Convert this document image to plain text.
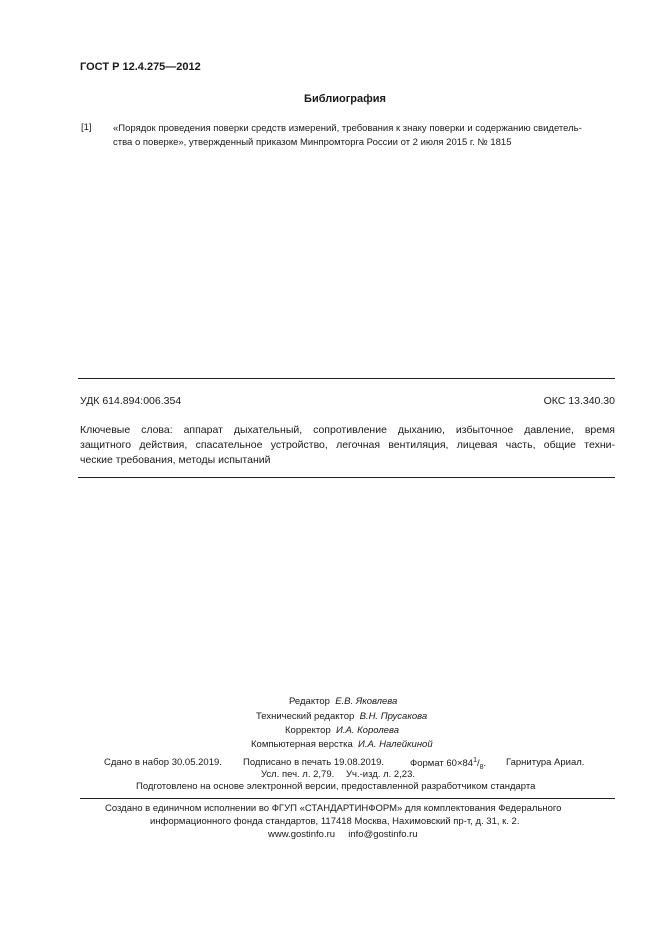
ГОСТ Р 12.4.275—2012
Библиография
[1] «Порядок проведения поверки средств измерений, требования к знаку поверки и содержанию свидетель-
ства о поверке», утвержденный приказом Минпромторга России от 2 июля 2015 г. № 1815
УДК 614.894:006.354	ОКС 13.340.30
Ключевые слова: аппарат дыхательный, сопротивление дыханию, избыточное давление, время
защитного действия, спасательное устройство, легочная вентиляция, лицевая часть, общие техни-
ческие требования, методы испытаний
Редактор Е.В. Яковлева
Технический редактор В.Н. Прусакова
Корректор И.А. Королева
Компьютерная верстка И.А. Налейкиной
Сдано в набор 30.05.2019. Подписано в печать 19.08.2019.	Формат $60\times 84^1/_8$. Гарнитура Ариал.
Усл. печ. л. 2,79. Уч.-изд. л. 2,23.
Подготовлено на основе электронной версии, предоставленной разработчиком стандарта
Создано в единичном исполнении во ФГУП «СТАНДАРТИНФОРМ» для комплектования Федерального
информационного фонда стандартов, 117418 Москва, Нахимовский пр-т, д. 31, к. 2.
www.gostinfo.ru info@gostinfo.ru
